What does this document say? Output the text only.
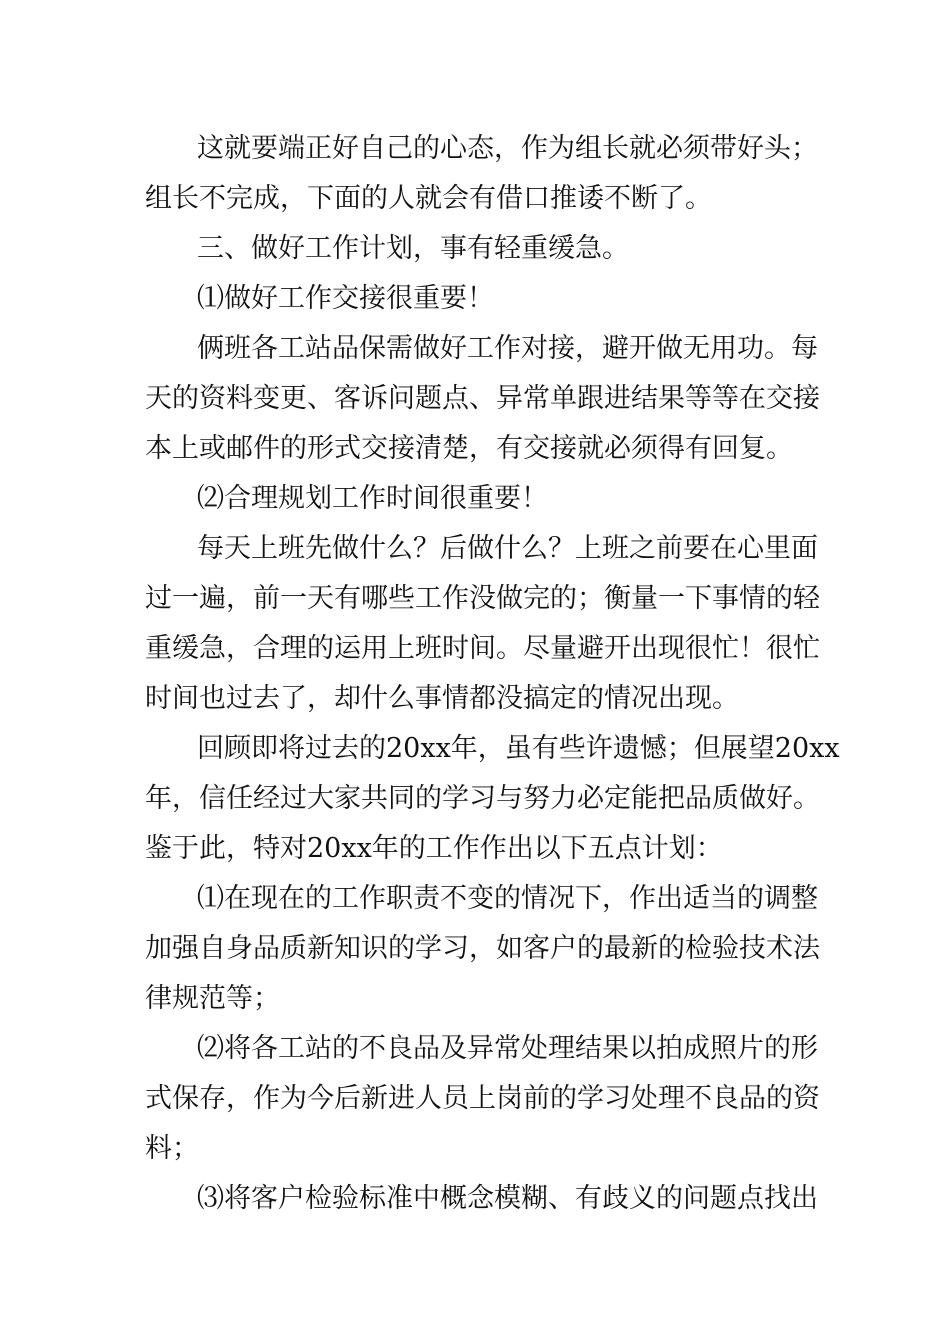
这就要端正好自己的心态，作为组长就必须带好头；
组长不完成，下面的人就会有借口推诿不断了。
三、做好工作计划，事有轻重缓急。
⑴做好工作交接很重要！
俩班各工站品保需做好工作对接，避开做无用功。每
天的资料变更、客诉问题点、异常单跟进结果等等在交接
本上或邮件的形式交接清楚，有交接就必须得有回复。
⑵合理规划工作时间很重要！
每天上班先做什么？后做什么？上班之前要在心里面
过一遍，前一天有哪些工作没做完的；衡量一下事情的轻
重缓急，合理的运用上班时间。尽量避开出现很忙！很忙
时间也过去了，却什么事情都没搞定的情况出现。
回顾即将过去的20xx年，虽有些许遗憾；但展望20xx
年，信任经过大家共同的学习与努力必定能把品质做好。
鉴于此，特对20xx年的工作作出以下五点计划：
⑴在现在的工作职责不变的情况下，作出适当的调整
加强自身品质新知识的学习，如客户的最新的检验技术法
律规范等；
⑵将各工站的不良品及异常处理结果以拍成照片的形
式保存，作为今后新进人员上岗前的学习处理不良品的资
料；
⑶将客户检验标准中概念模糊、有歧义的问题点找出
